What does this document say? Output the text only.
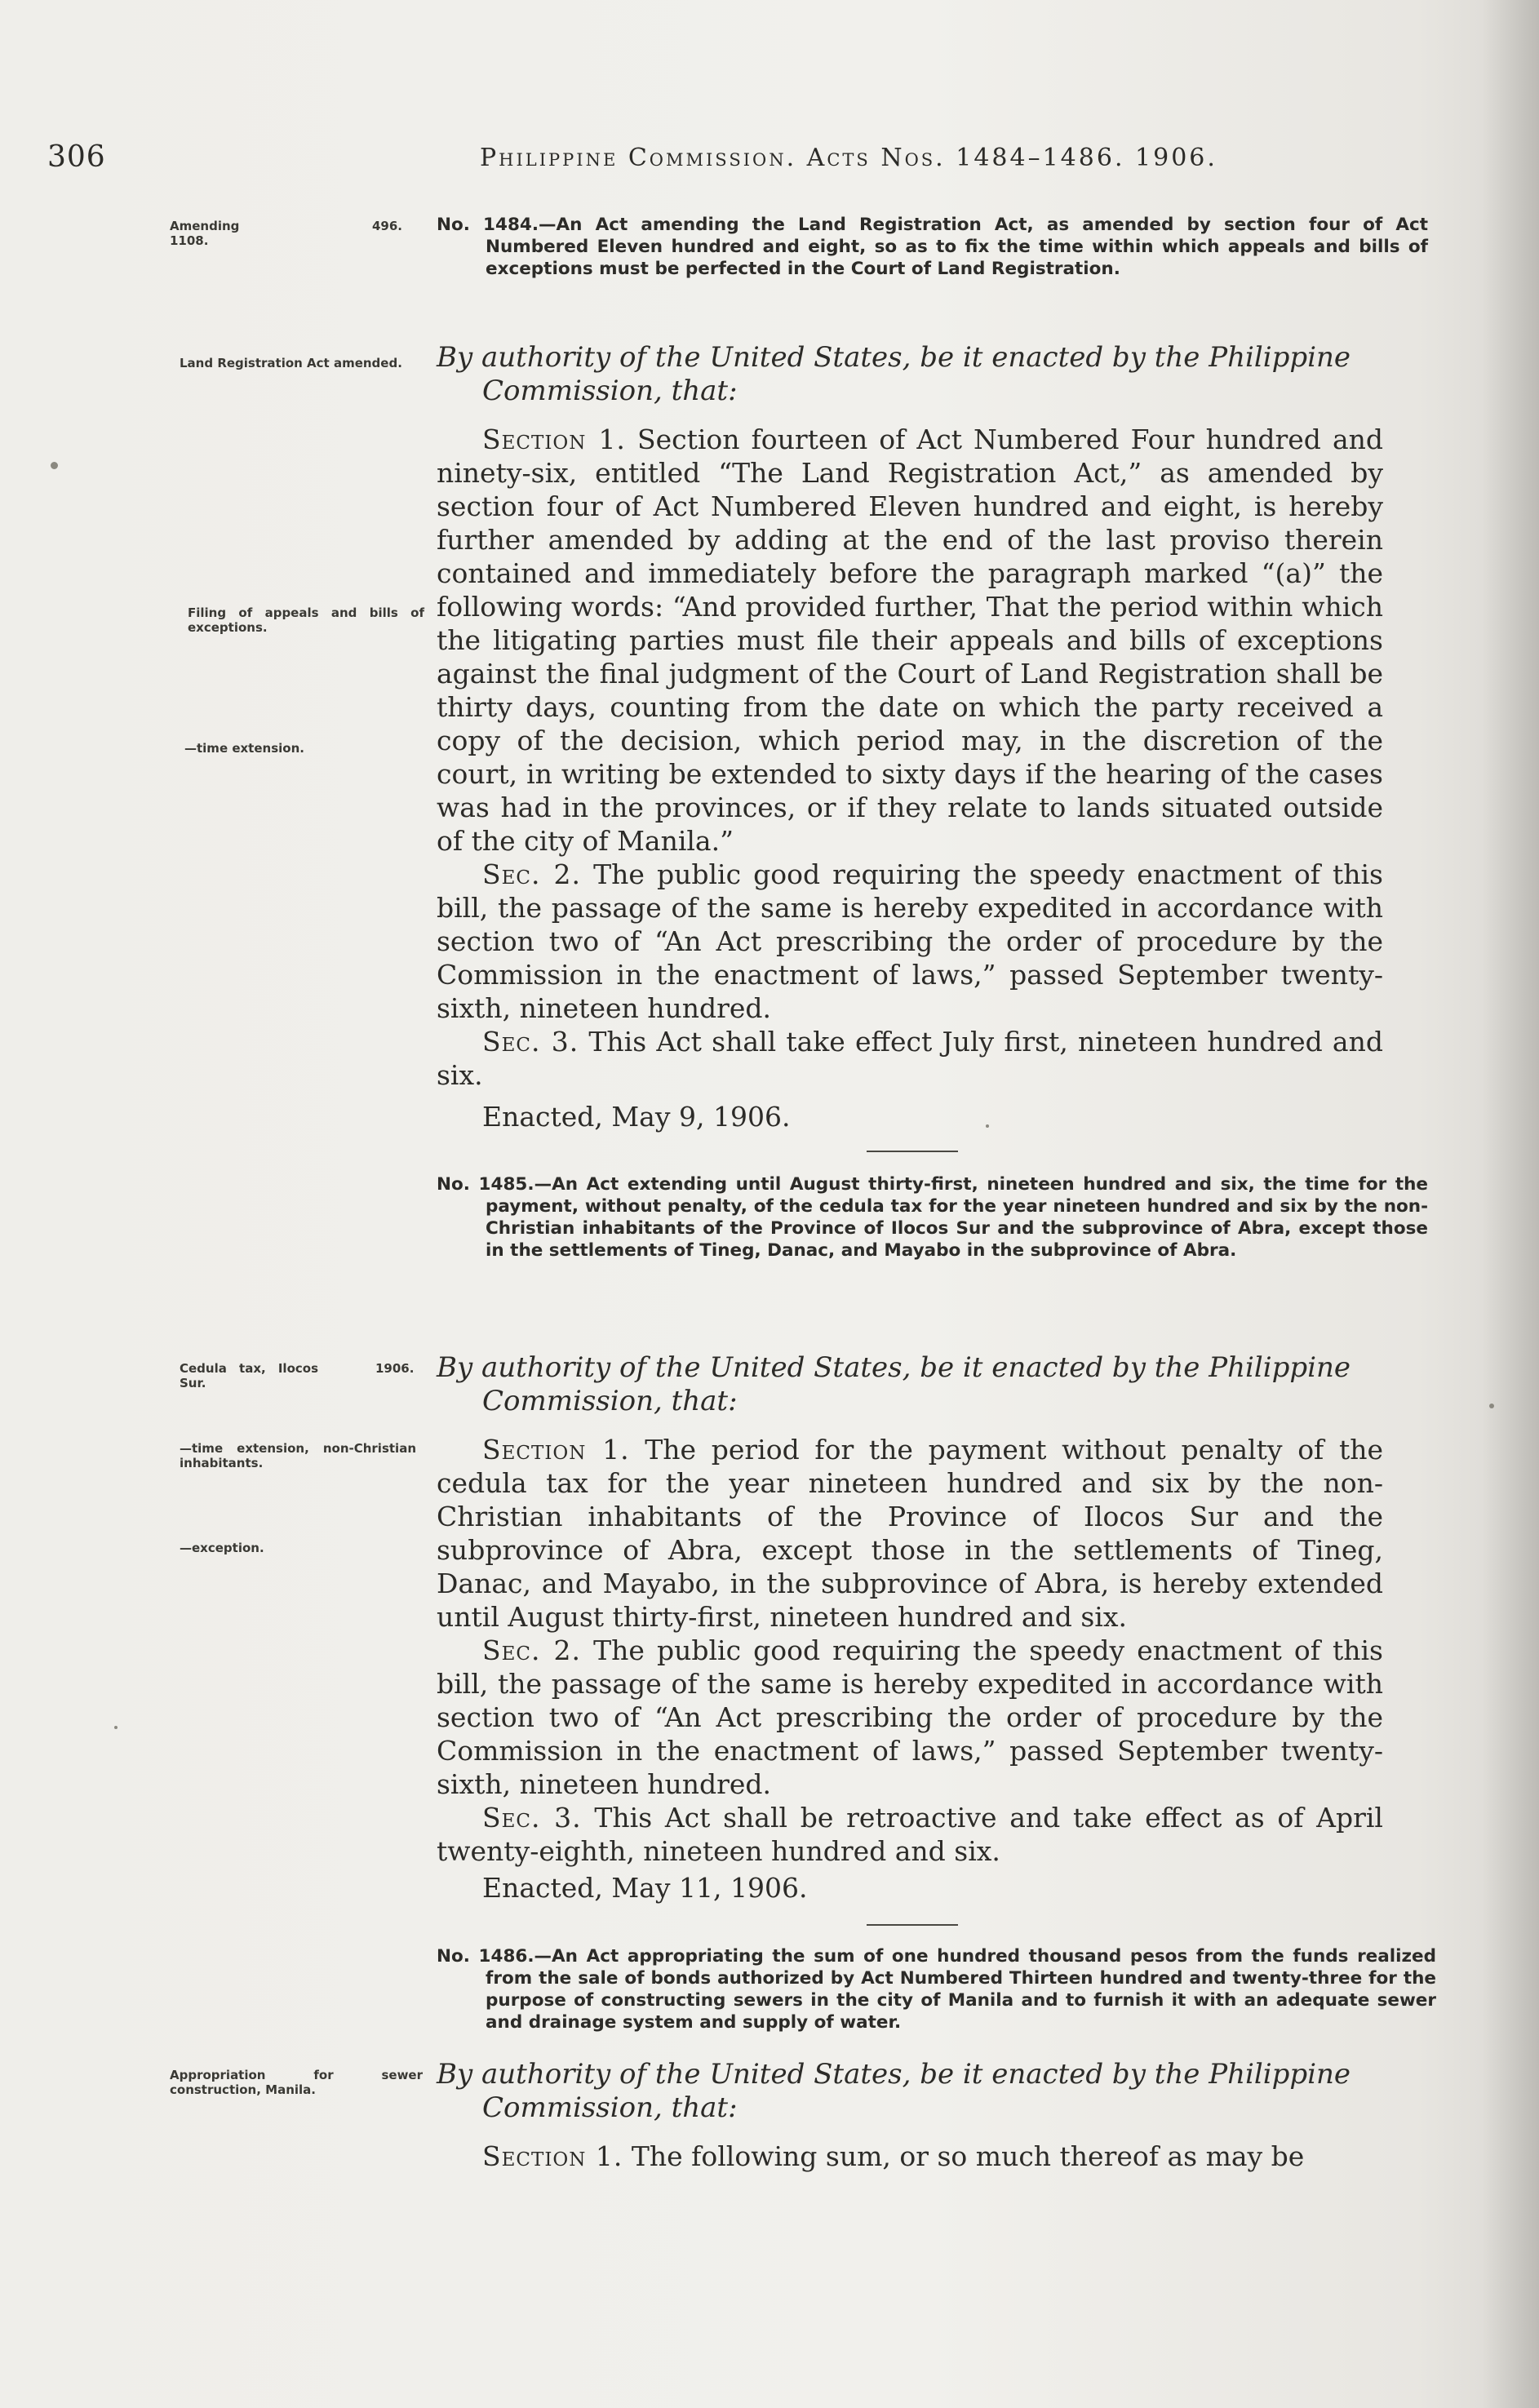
306	Philippine Commission. Acts Nos. 1484–1486. 1906.
496.
Amending 1108.
No. 1484.—An Act amending the Land Registration Act, as amended by section four of Act Numbered Eleven hundred and eight, so as to fix the time within which appeals and bills of exceptions must be perfected in the Court of Land Registration.
Land Registration Act amended.	By authority of the United States, be it enacted by the Philippine Commission, that:

Section 1. Section fourteen of Act Numbered Four hundred and ninety-six, entitled “The Land Registration Act,” as amended by section four of Act Numbered Eleven hundred and eight, is hereby further amended by adding at the end of the last proviso therein contained and immediately before the paragraph marked “(a)” the following words: “And provided further, That the period within which the litigating parties must file their appeals and bills of exceptions against the final judgment of the Court of Land Registration shall be thirty days, counting from the date on which the party received a copy of the decision, which period may, in the discretion of the court, in writing be extended to sixty days if the hearing of the cases was had in the provinces, or if they relate to lands situated outside of the city of Manila.”

Sec. 2. The public good requiring the speedy enactment of this bill, the passage of the same is hereby expedited in accordance with section two of “An Act prescribing the order of procedure by the Commission in the enactment of laws,” passed September twenty-sixth, nineteen hundred.

Sec. 3. This Act shall take effect July first, nineteen hundred and six.

Enacted, May 9, 1906.
Filing of appeals and bills of exceptions.
—time extension.
No. 1485.—An Act extending until August thirty-first, nineteen hundred and six, the time for the payment, without penalty, of the cedula tax for the year nineteen hundred and six by the non-Christian inhabitants of the Province of Ilocos Sur and the subprovince of Abra, except those in the settlements of Tineg, Danac, and Mayabo in the subprovince of Abra.
Cedula tax, Ilocos Sur.
1906. By authority of the United States, be it enacted by the Philippine Commission, that:

Section 1. The period for the payment without penalty of the cedula tax for the year nineteen hundred and six by the non-Christian inhabitants of the Province of Ilocos Sur and the subprovince of Abra, except those in the settlements of Tineg, Danac, and Mayabo, in the subprovince of Abra, is hereby extended until August thirty-first, nineteen hundred and six.

Sec. 2. The public good requiring the speedy enactment of this bill, the passage of the same is hereby expedited in accordance with section two of “An Act prescribing the order of procedure by the Commission in the enactment of laws,” passed September twenty-sixth, nineteen hundred.

Sec. 3. This Act shall be retroactive and take effect as of April twenty-eighth, nineteen hundred and six.

Enacted, May 11, 1906.
—time extension, non-Christian inhabitants.
—exception.
No. 1486.—An Act appropriating the sum of one hundred thousand pesos from the funds realized from the sale of bonds authorized by Act Numbered Thirteen hundred and twenty-three for the purpose of constructing sewers in the city of Manila and to furnish it with an adequate sewer and drainage system and supply of water.
Appropriation for sewer construction, Manila.	By authority of the United States, be it enacted by the Philippine Commission, that:

Section 1. The following sum, or so much thereof as may be
